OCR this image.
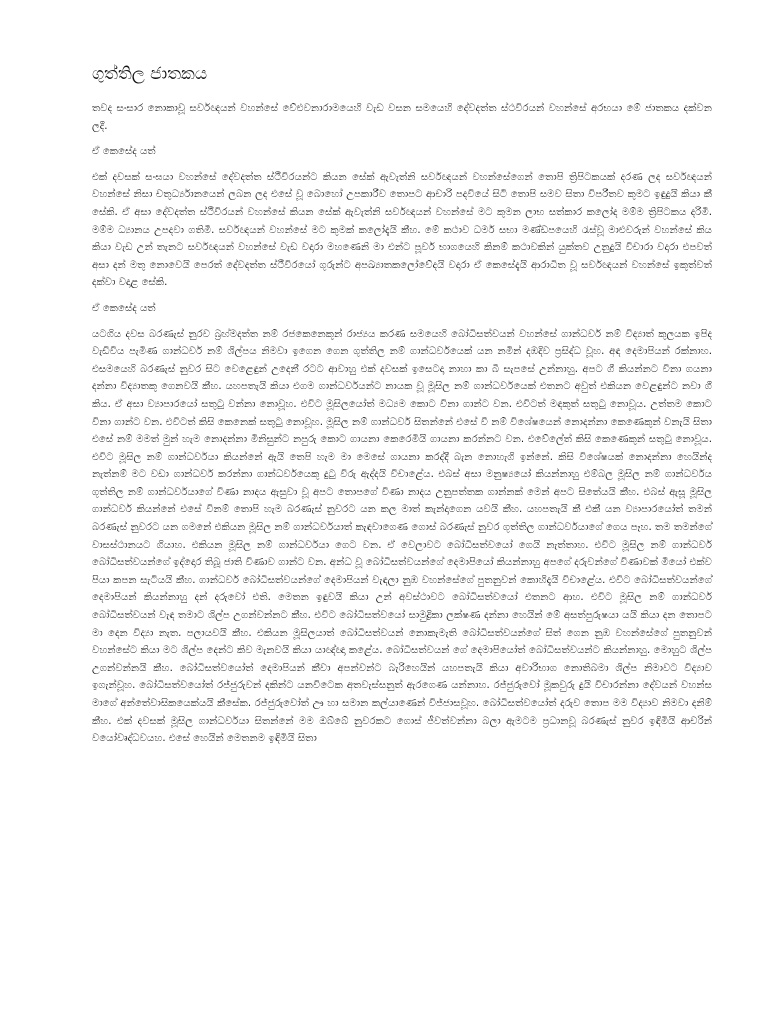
ගුත්තිල ජාතකය

තවද සංසාර නොකාවූ සර්වඥයන් වහන්සේ වේළුවනාරාමයෙහි වැඩ වසන සමයෙහි දේවදත්ත ස්ථවිරයන් වහන්සේ අරභයා මේ ජාතකය දක්වන ලදී.

ඒ කෙසේද යත්

එක් දවසක් සංඝයා වහන්සේ දේවදත්ත ස්ථීවිරයන්ට කියන සේක් ඇවැත්නි සර්වඥයන් වහන්සේගෙන් තොපි ත්‍රිපිටකයක් දරණ ලද සර්වඥයන් වහන්සේ නිසා චතුර්ධ්‍යානයෙන් ලබන ලද එසේ වූ බොහෝ උපකාරීව තොපට ආචාරි පදවියේ සිටි තොපි සමව සිතා විපරීතව කුමට ඉඳුදුයි කියා කී සේකි. ඒ අසා දේවදත්ත ස්ථීවිරයන් වහන්සේ කියන සේක් ඇවැත්නි සර්වඥයන් වහන්සේ මට කුමන ලාභ සත්කාර කලෝද මම්ම ත්‍රිපිටකය දරිමී. මම්ම ධ්‍යානය උපදවා ගතිමී. සර්වඥයන් වහන්සේ මට කුමක් කලෝදැයි කීහ. මේ කථාව ධර්ම සභා මණ්ඩපයෙහි රැස්වූ මාළුවරුන් වහන්සේ කිය කියා වැඩ උන් තැනට සර්වඥයන් වහන්සේ වැඩ වදාරා මහණෙනි මා එන්ට පූර්ව භාගයෙහි කිනම් කථාවකින් යුක්තව උනුදුයි විචාරා වදාරා එපවත් අසා දන් මතු නොවෙයි පෙරත් දේවදත්ත ස්ථීවිරයෝ ගුරුන්ට අපඛ්‍යාතකලෝවේදයි වදාරා ඒ කෙසේදැයි ආරාධිත වූ සර්වඥයන් වහන්සේ ඉකුත්වත් දක්වා වදාළ සේකි.

ඒ කෙසේද යත්

යටගිය දවස බරණැස් නුරව බ්‍රහ්මදත්ත නම් රජකෙනෙකුන් රාජ්‍යය කරණ සමයෙහි බෝධිසත්වයන් වහන්සේ ගාන්ධර්ව නම් විද්‍යාත් කුලයක ඉපිද වැඩිවිය පැමිණ ගාන්ධර්ව නම් ශිල්පය නිමවා ඉගෙන ගෙන ගුත්තිල නම් ගාන්ධර්වයෙක් යන නමින් දඹදිව ප්‍රසිද්ධ වූහ. අඳ දෙමාපියන් රක්නාහ. එසමයෙහි බරණැස් නුවර සිට වෙළෙඳුන් උදෙනී රටට ආවාහු එක් දවසක් ඉසෙටදා නාහා කා බී සැපසේ උන්නාහු. අපට ගී කියන්නට විනා ගයනා දන්නා විද්‍යාතකු ගෙනවයි කීහ. යහපතැයි කියා එගම ගාන්ධර්වයන්ට නායක වූ මූසිල නම් ගාන්ධර්වයෙක් එතනට අවුත් එකියන වෙළඳුන්ට නවා ගී කිය. ඒ අසා ව්‍යාපාරයෝ සතුටු වන්නා නොවූහ. එවිට මූසිලයෝත් මධ්‍යම කොට විනා ගාන්ට වන. එවිටත් මඳකුත් සතුටු නොවූය. උත්තම කොට විනා ගාන්ට වන. එවිටත් කිසි කෙනෙක් සතුටු නොවූහ. මූසිල නම් ගාන්ධර්ව සිතන්නේ එසේ වී නම් විශේෂයෙන් නොදන්නා කෙණෙකුන් වනැයි සිතා එසේ නම් මමත් මුන් හැම නොදන්නා මිනිසුන්ට නපුරු කොට ගායනා කෙරෙමියි ගායනා කරන්නට වන. එවේලේත් කිසි කෙණෙකුන් සතුටු නොවූය. එවිට මූසිල නම් ගාන්ධර්වයා කියන්නේ ඇයි තෙපි හැම මා මෙසේ ගායනා කරද්දී බැන නොහැගි ඉන්නේ. කිසි විශේෂයක් නොදන්නා හෙයින්ද නැත්නම් මට වඩා ගාන්ධර්ව කරන්නා ගාන්ධර්වයෙකු දුටු විරු ඇද්දයි විචාළේය. එබස් අසා මනුෂ්‍යයෝ කියන්නාහු එම්බල මූසිල නම් ගාන්ධර්වය ගුත්තිල නම් ගාන්ධර්වයාගේ විණා නාදය ඇසුවා වූ අපට තොපගේ විණා නාදය උනුපත්තක ගාන්නක් මෙන් අපට සිතේයයි කීහ. එබස් ඇසූ මූසිල ගාන්ධර්ව කියන්නේ එසේ විනම් තොපි හැම බරණැස් නුවරට යන කල මාත් කැන්දාගෙන යවයි කීහ. යහපතැයි කී එකී යන ව්‍යාපාරයෝත් තමන් බරණැස් නුවරට යන ගමනේ එකියන මූසිල නම් ගාන්ධර්වයාත් කැඳවාගෙණ ගොස් බරණැස් නුවර ගුත්තිල ගාන්ධර්වයාගේ ගෙය පෑහ. තම තමන්ගේ වාසස්ථානයට ගියාහ. එකියන මූසිල නම් ගාන්ධර්වයා ගෙට වන. ඒ වෙලාවට බෝධිසත්වයෝ ගෙයි නැත්තාහ. එවිට මූසිල නම් ගාන්ධර්ව බෝධිසත්වයන්ගේ ඉද්දොර තිබූ ජාති විණාව ගාන්ට වන. අන්ධ වූ බෝධිසත්වයන්ගේ දෙමාපියෝ කියන්නාහු අපගේ දරුවන්ගේ විණාවක් මීයෝ එක්ව පියා කපන සැටියයි කීහ. ගාන්ධර්ව බෝධිසත්වයන්ගේ දෙමාපියන් වැඳලා නුඹ වහන්සේගේ පුතනුවන් කොහිදැයි විචාළේය. එවිට බෝධිසත්වයන්ගේ දෙමාපියන් කියන්නාහු දන් දරුවෝ එති. මෙතන ඉඳුවයි කියා උන් අවස්ථාවට බෝධිසත්වයෝ එතනට ආහ. එවිට මූසිල නම් ගාන්ධර්ව බෝධිසත්වයන් වැඳ තමාට ශිල්ප උගන්වන්නට කීහ. එවිට බෝධිසත්වයෝ සාමුද්‍රිකා ලක්ෂණ දන්නා හෙයින් මේ අසත්පුරුෂයා යයි කියා දන තොපට මා දෙන විද්‍යා නැත. පලායවයි කීහ. එකියන මූසිලයාත් බෝධිසත්වයන් නොකැමැති බෝධිසත්වයන්ගේ සිත් ගෙන නුඹ වහන්සේගේ පුතනුවන් වහන්සේට කියා මට ශිල්ප දෙන්ට කිව මැනවයි කියා යාඥ්ඥා කළේය. බෝධිසත්වයන් ගේ දෙමාපියෝත් බෝධිසත්වයන්ට කියන්නාහු. මොහුට ශිල්ප උගන්වන්නයි කීහ. බෝධිසත්වයෝත් දෙමාපියන් කීවා අපන්වන්ට බැරිහෙයින් යහපතැයි කියා අවාරිභාග නොතිබමා ශිල්ප නිමාවට විද්‍යාව ඉගැන්වූහ. බෝධිසත්වයෝත් රජ්ජුරුවන් දකින්ට යනවිටෙක අතවැස්සනුත් ඇරගෙණ යන්නාහ. රජ්ජුරුවෝ මූකවුරු දුයි විචාරන්නා දේවයන් වහන්ස මාගේ අන්තේවාසිකයෙක්යයි කීසේක. රජ්ජුරුවෝත් ඌ හා සමාන කල්යාණෙන් විජ්ජාසවූහ. බෝධිසත්වයෝත් දරුව තොප මම විද්‍යාව නිමවා දනිම් කීහ. එක් දවසක් මූසිල ගාන්ධර්වයා සිතන්නේ මම ඔබ්බේ නුවරකට ගොස් ජීවත්වන්නා බලා ඇමටම ප්‍රධානවූ බරණැස් නුවර ඉඳිමියි ආචරින් වයෝවෘද්ධවයහ. එසේ හෙයින් මෙතනම ඉඳිමියි සිතා
